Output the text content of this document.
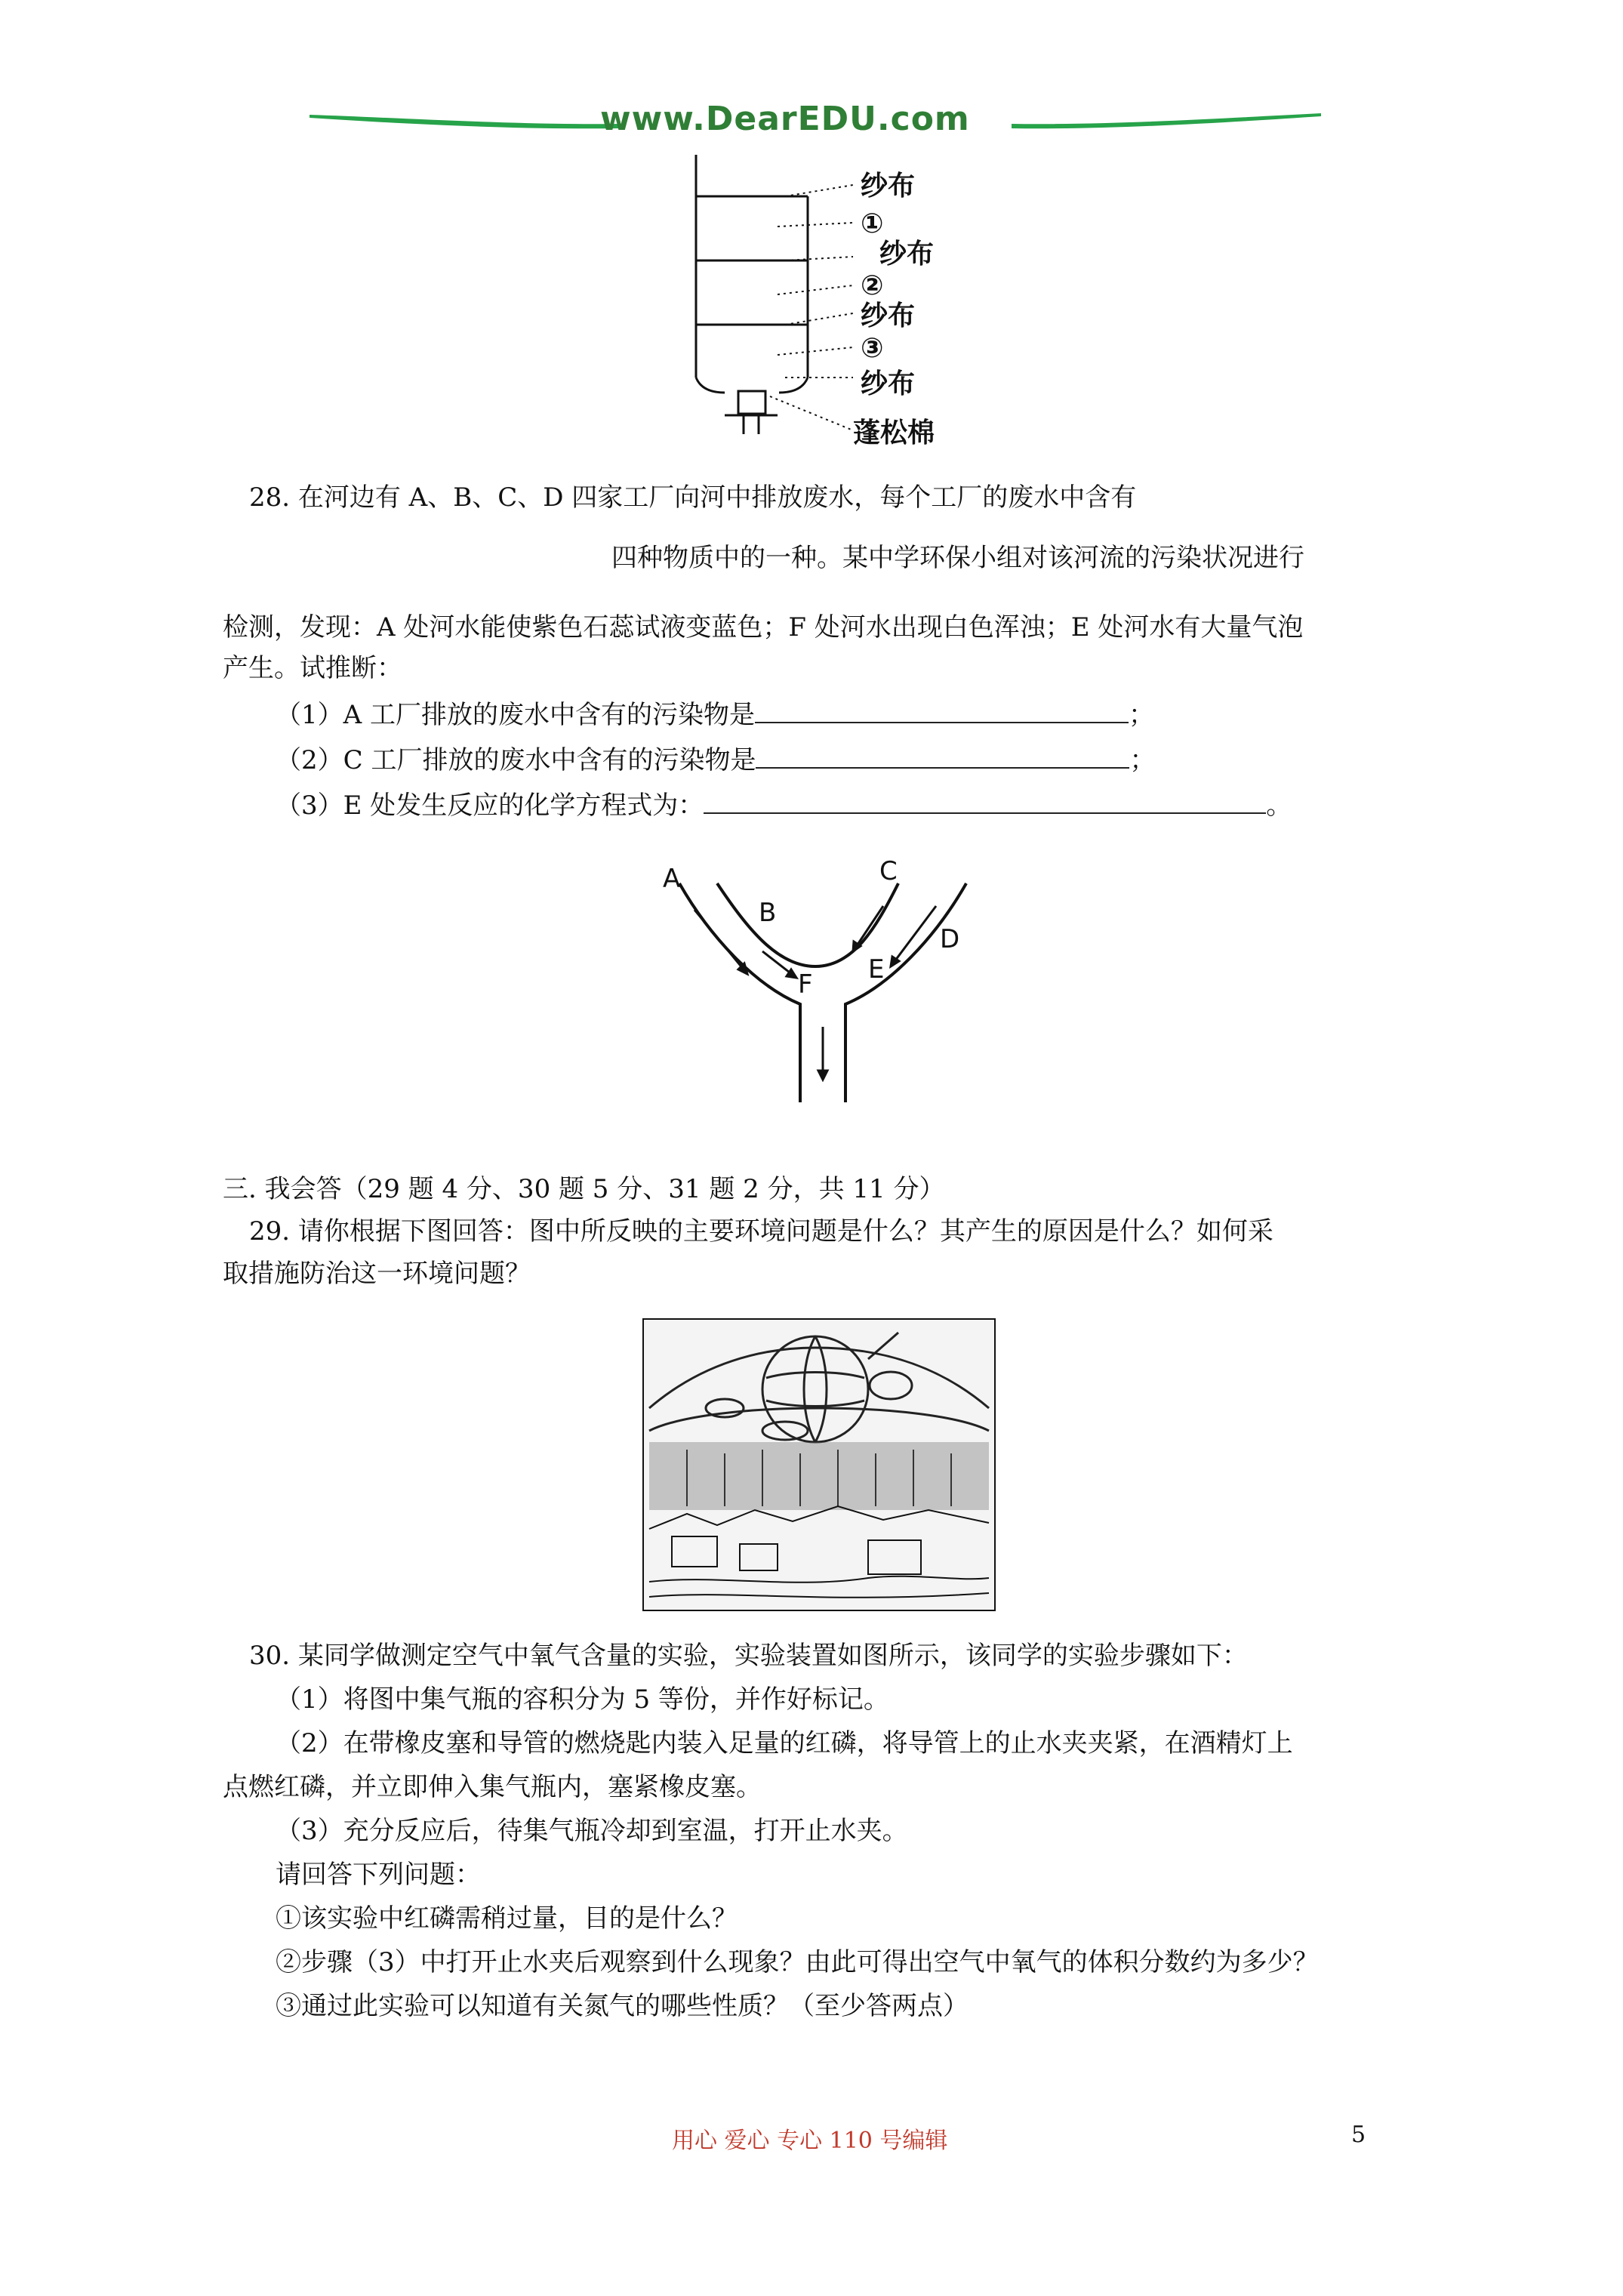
www.DearEDU.com
纱布
①
纱布
②
纱布
③
纱布
蓬松棉
28. 在河边有 A、B、C、D 四家工厂向河中排放废水，每个工厂的废水中含有
四种物质中的一种。某中学环保小组对该河流的污染状况进行
检测，发现：A 处河水能使紫色石蕊试液变蓝色；F 处河水出现白色浑浊；E 处河水有大量气泡
产生。试推断：
（1）A 工厂排放的废水中含有的污染物是	；
（2）C 工厂排放的废水中含有的污染物是	；
（3）E 处发生反应的化学方程式为：	。
A
B
C
D
E
F
三. 我会答（29 题 4 分、30 题 5 分、31 题 2 分，共 11 分）
29. 请你根据下图回答：图中所反映的主要环境问题是什么？其产生的原因是什么？如何采
取措施防治这一环境问题？
30. 某同学做测定空气中氧气含量的实验，实验装置如图所示，该同学的实验步骤如下：
（1）将图中集气瓶的容积分为 5 等份，并作好标记。
（2）在带橡皮塞和导管的燃烧匙内装入足量的红磷，将导管上的止水夹夹紧，在酒精灯上
点燃红磷，并立即伸入集气瓶内，塞紧橡皮塞。
（3）充分反应后，待集气瓶冷却到室温，打开止水夹。
请回答下列问题：
①该实验中红磷需稍过量，目的是什么？
②步骤（3）中打开止水夹后观察到什么现象？由此可得出空气中氧气的体积分数约为多少？
③通过此实验可以知道有关氮气的哪些性质？（至少答两点）
用心 爱心 专心 110 号编辑	5
